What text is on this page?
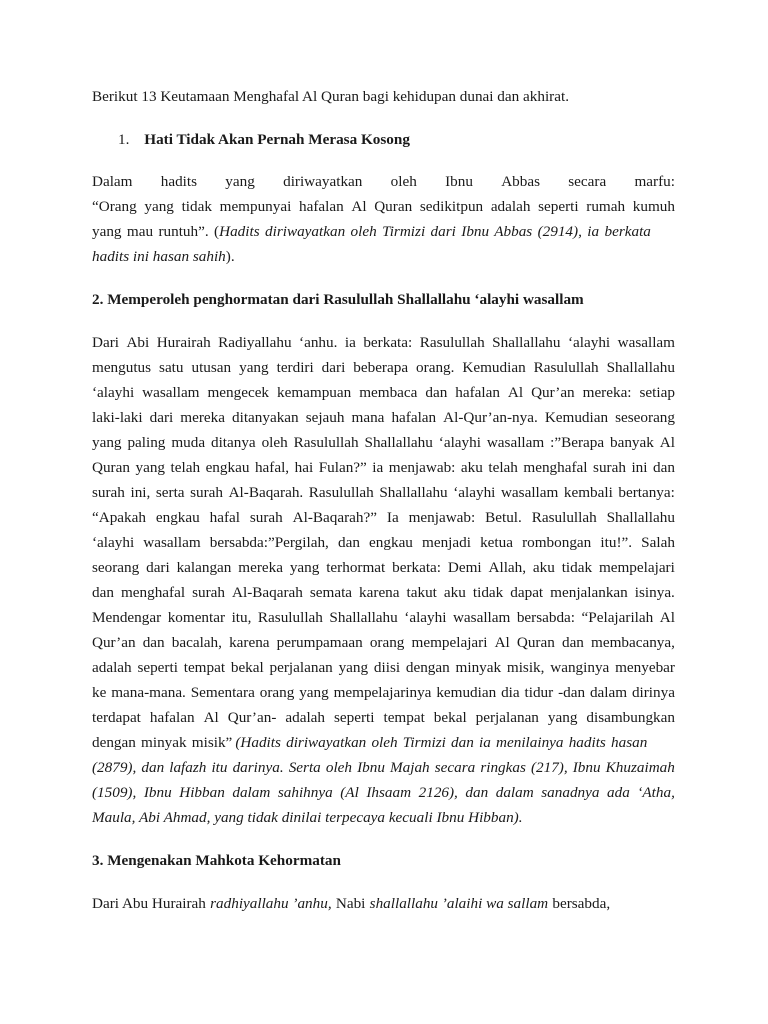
Berikut 13 Keutamaan Menghafal Al Quran bagi kehidupan dunai dan akhirat.
1. Hati Tidak Akan Pernah Merasa Kosong
Dalam hadits yang diriwayatkan oleh Ibnu Abbas secara marfu:
“Orang yang tidak mempunyai hafalan Al Quran sedikitpun adalah seperti rumah kumuh
yang mau runtuh”. ( Hadits diriwayatkan oleh Tirmizi dari Ibnu Abbas (2914), ia berkata
hadits ini hasan sahih ).
2. Memperoleh penghormatan dari Rasulullah Shallallahu ‘alayhi wasallam
Dari Abi Hurairah Radiyallahu ‘anhu. ia berkata: Rasulullah Shallallahu ‘alayhi wasallam
mengutus satu utusan yang terdiri dari beberapa orang. Kemudian Rasulullah Shallallahu
‘alayhi wasallam mengecek kemampuan membaca dan hafalan Al Qur’an mereka: setiap
laki-laki dari mereka ditanyakan sejauh mana hafalan Al-Qur’an-nya. Kemudian seseorang
yang paling muda ditanya oleh Rasulullah Shallallahu ‘alayhi wasallam :”Berapa banyak Al
Quran yang telah engkau hafal, hai Fulan?” ia menjawab: aku telah menghafal surah ini dan
surah ini, serta surah Al-Baqarah. Rasulullah Shallallahu ‘alayhi wasallam kembali bertanya:
“Apakah engkau hafal surah Al-Baqarah?” Ia menjawab: Betul. Rasulullah Shallallahu
‘alayhi wasallam bersabda:”Pergilah, dan engkau menjadi ketua rombongan itu!”. Salah
seorang dari kalangan mereka yang terhormat berkata: Demi Allah, aku tidak mempelajari
dan menghafal surah Al-Baqarah semata karena takut aku tidak dapat menjalankan isinya.
Mendengar komentar itu, Rasulullah Shallallahu ‘alayhi wasallam bersabda: “Pelajarilah Al
Qur’an dan bacalah, karena perumpamaan orang mempelajari Al Quran dan membacanya,
adalah seperti tempat bekal perjalanan yang diisi dengan minyak misik, wanginya menyebar
ke mana-mana. Sementara orang yang mempelajarinya kemudian dia tidur -dan dalam dirinya
terdapat hafalan Al Qur’an- adalah seperti tempat bekal perjalanan yang disambungkan
dengan minyak misik” (Hadits diriwayatkan oleh Tirmizi dan ia menilainya hadits hasan
(2879), dan lafazh itu darinya. Serta oleh Ibnu Majah secara ringkas (217), Ibnu Khuzaimah
(1509), Ibnu Hibban dalam sahihnya (Al Ihsaam 2126), dan dalam sanadnya ada ‘Atha,
Maula, Abi Ahmad, yang tidak dinilai terpecaya kecuali Ibnu Hibban).
3. Mengenakan Mahkota Kehormatan
Dari Abu Hurairah radhiyallahu ’anhu, Nabi shallallahu ’alaihi wa sallam bersabda,
